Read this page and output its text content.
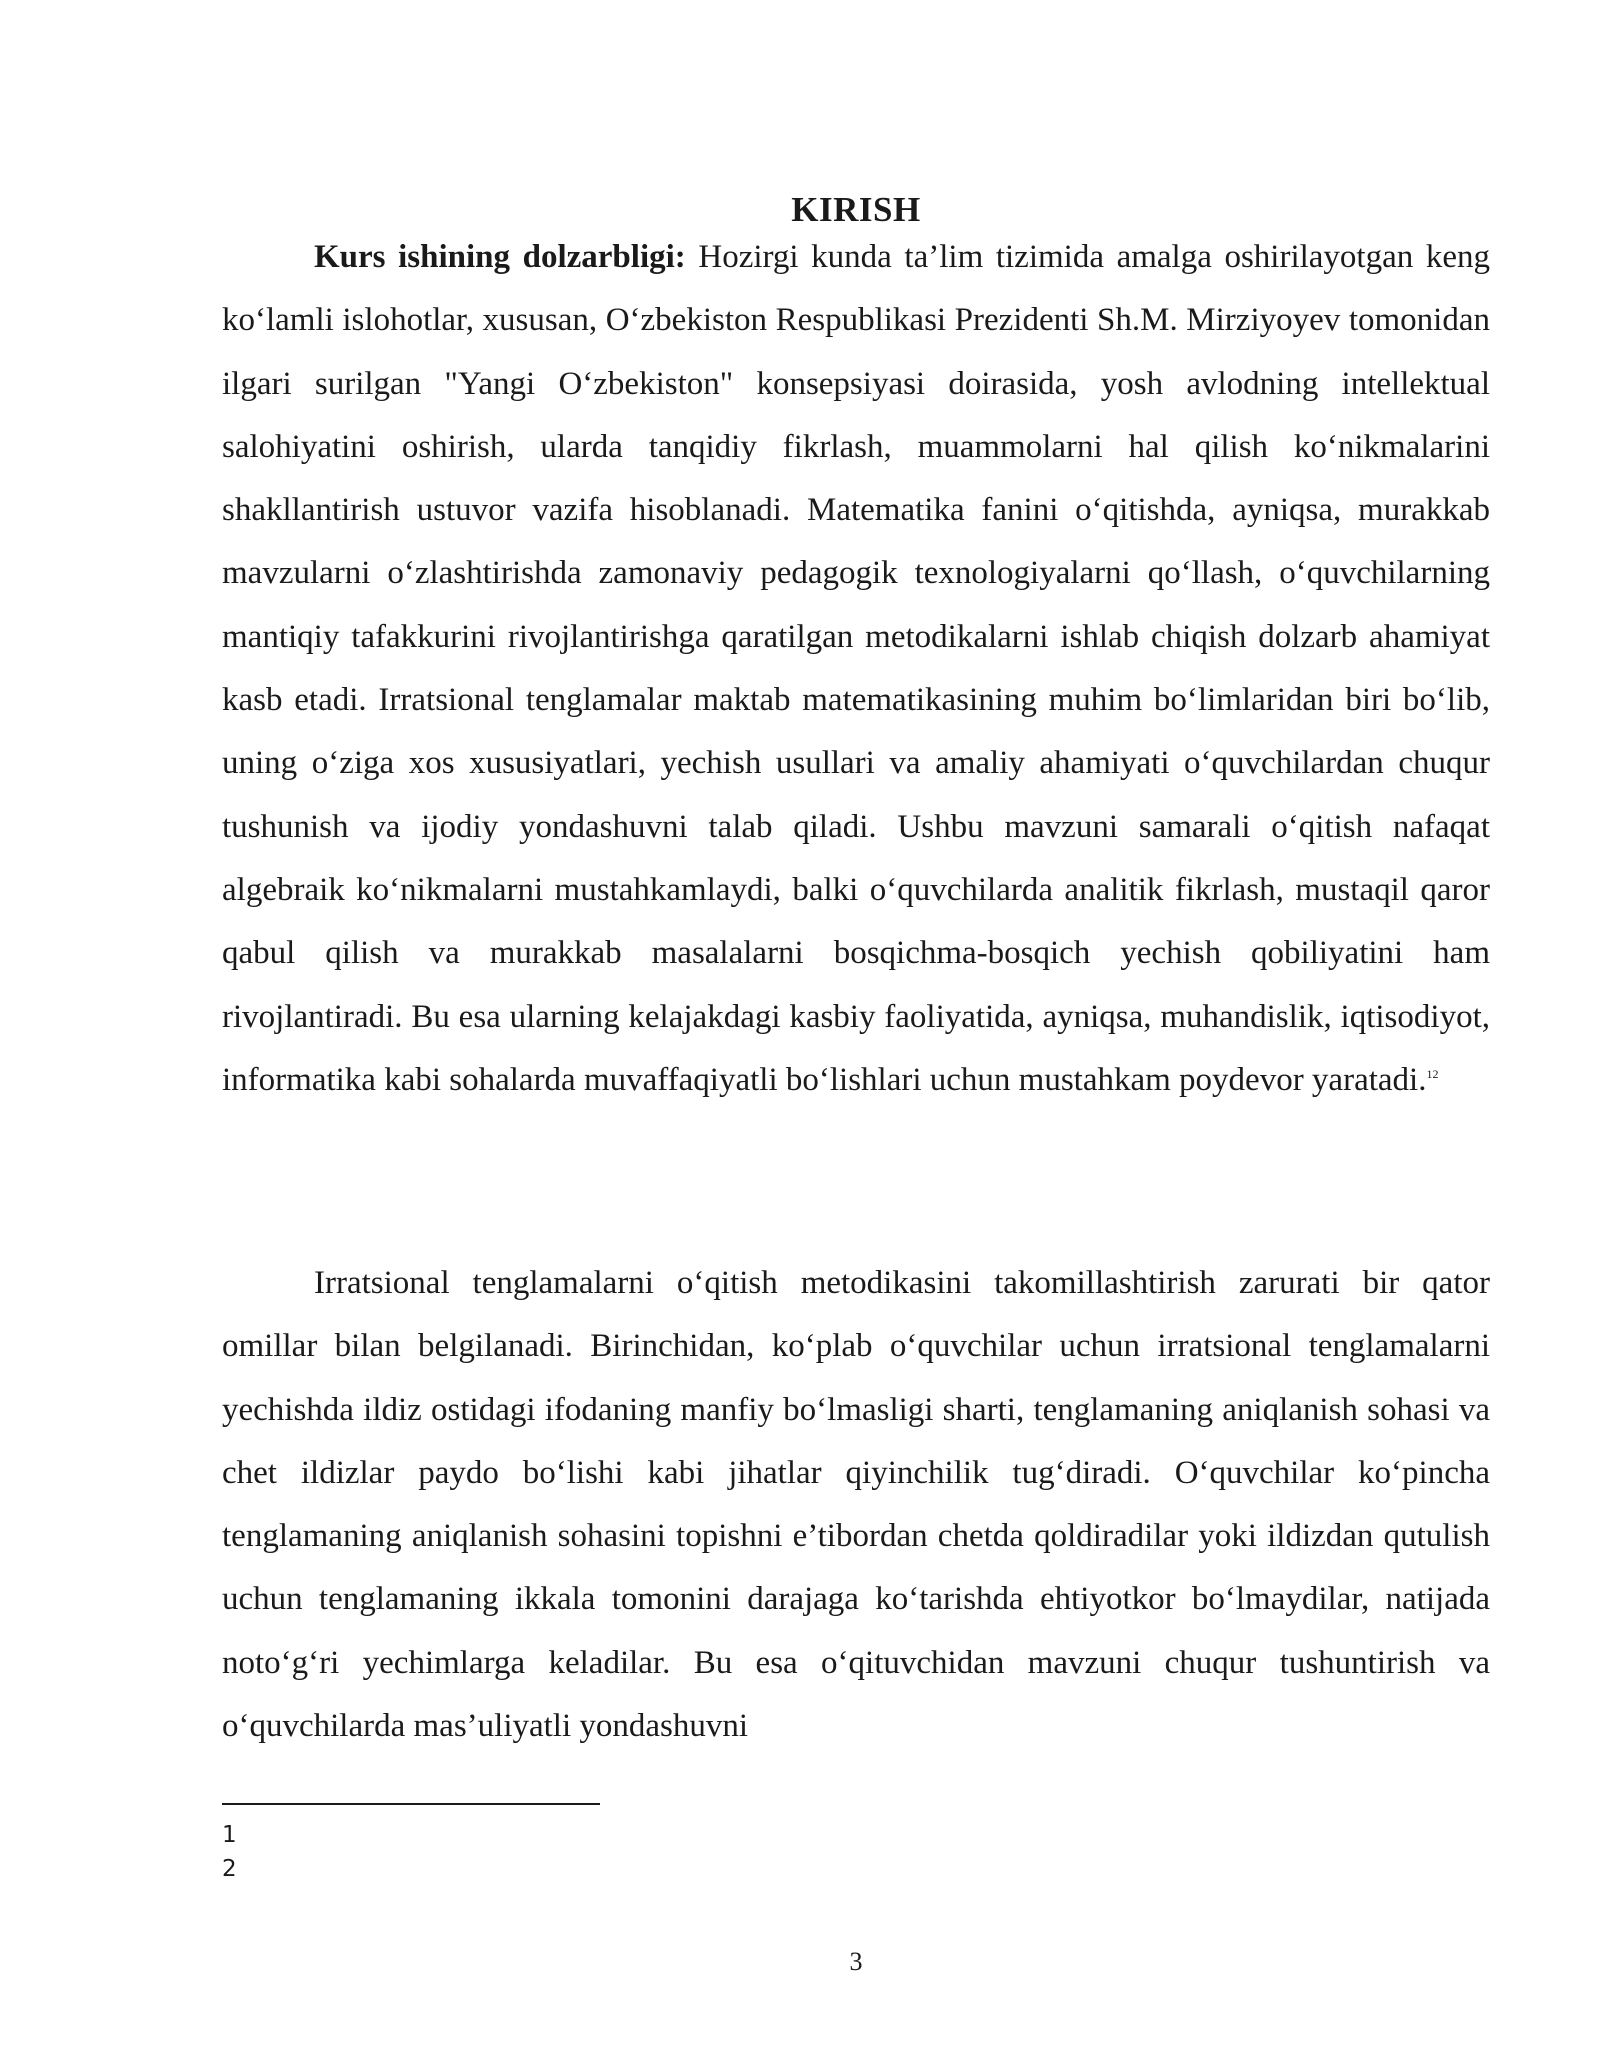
KIRISH

Kurs ishining dolzarbligi: Hozirgi kunda ta’lim tizimida amalga oshirilayotgan keng ko‘lamli islohotlar, xususan, O‘zbekiston Respublikasi Prezidenti Sh.M. Mirziyoyev tomonidan ilgari surilgan "Yangi O‘zbekiston" konsepsiyasi doirasida, yosh avlodning intellektual salohiyatini oshirish, ularda tanqidiy fikrlash, muammolarni hal qilish ko‘nikmalarini shakllantirish ustuvor vazifa hisoblanadi. Matematika fanini o‘qitishda, ayniqsa, murakkab mavzularni o‘zlashtirishda zamonaviy pedagogik texnologiyalarni qo‘llash, o‘quvchilarning mantiqiy tafakkurini rivojlantirishga qaratilgan metodikalarni ishlab chiqish dolzarb ahamiyat kasb etadi. Irratsional tenglamalar maktab matematikasining muhim bo‘limlaridan biri bo‘lib, uning o‘ziga xos xususiyatlari, yechish usullari va amaliy ahamiyati o‘quvchilardan chuqur tushunish va ijodiy yondashuvni talab qiladi. Ushbu mavzuni samarali o‘qitish nafaqat algebraik ko‘nikmalarni mustahkamlaydi, balki o‘quvchilarda analitik fikrlash, mustaqil qaror qabul qilish va murakkab masalalarni bosqichma-bosqich yechish qobiliyatini ham rivojlantiradi. Bu esa ularning kelajakdagi kasbiy faoliyatida, ayniqsa, muhandislik, iqtisodiyot, informatika kabi sohalarda muvaffaqiyatli bo‘lishlari uchun mustahkam poydevor yaratadi.$^{12}$

Irratsional tenglamalarni o‘qitish metodikasini takomillashtirish zarurati bir qator omillar bilan belgilanadi. Birinchidan, ko‘plab o‘quvchilar uchun irratsional tenglamalarni yechishda ildiz ostidagi ifodaning manfiy bo‘lmasligi sharti, tenglamaning aniqlanish sohasi va chet ildizlar paydo bo‘lishi kabi jihatlar qiyinchilik tug‘diradi. O‘quvchilar ko‘pincha tenglamaning aniqlanish sohasini topishni e’tibordan chetda qoldiradilar yoki ildizdan qutulish uchun tenglamaning ikkala tomonini darajaga ko‘tarishda ehtiyotkor bo‘lmaydilar, natijada noto‘g‘ri yechimlarga keladilar. Bu esa o‘qituvchidan mavzuni chuqur tushuntirish va o‘quvchilarda mas’uliyatli yondashuvni

1
2
3
